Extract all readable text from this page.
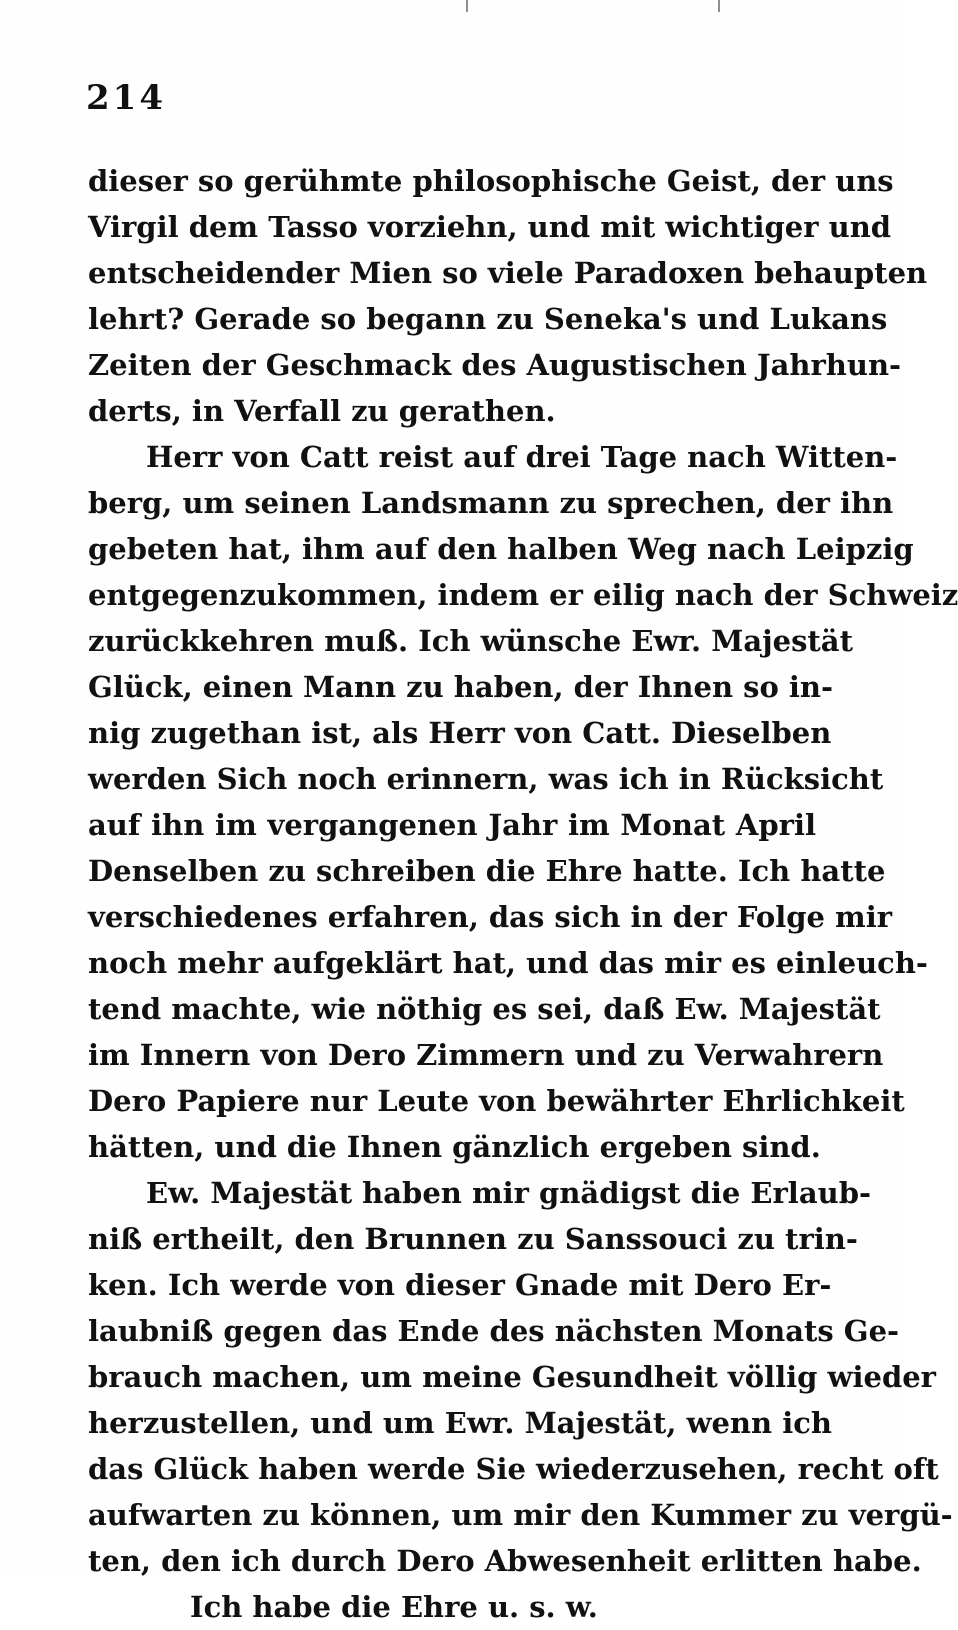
214
dieser so gerühmte philosophische Geist, der uns
Virgil dem Tasso vorziehn, und mit wichtiger und
entscheidender Mien so viele Paradoxen behaupten
lehrt? Gerade so begann zu Seneka's und Lukans
Zeiten der Geschmack des Augustischen Jahrhun-
derts, in Verfall zu gerathen.
Herr von Catt reist auf drei Tage nach Witten-
berg, um seinen Landsmann zu sprechen, der ihn
gebeten hat, ihm auf den halben Weg nach Leipzig
entgegenzukommen, indem er eilig nach der Schweiz
zurückkehren muß. Ich wünsche Ewr. Majestät
Glück, einen Mann zu haben, der Ihnen so in-
nig zugethan ist, als Herr von Catt. Dieselben
werden Sich noch erinnern, was ich in Rücksicht
auf ihn im vergangenen Jahr im Monat April
Denselben zu schreiben die Ehre hatte. Ich hatte
verschiedenes erfahren, das sich in der Folge mir
noch mehr aufgeklärt hat, und das mir es einleuch-
tend machte, wie nöthig es sei, daß Ew. Majestät
im Innern von Dero Zimmern und zu Verwahrern
Dero Papiere nur Leute von bewährter Ehrlichkeit
hätten, und die Ihnen gänzlich ergeben sind.
Ew. Majestät haben mir gnädigst die Erlaub-
niß ertheilt, den Brunnen zu Sanssouci zu trin-
ken. Ich werde von dieser Gnade mit Dero Er-
laubniß gegen das Ende des nächsten Monats Ge-
brauch machen, um meine Gesundheit völlig wieder
herzustellen, und um Ewr. Majestät, wenn ich
das Glück haben werde Sie wiederzusehen, recht oft
aufwarten zu können, um mir den Kummer zu vergü-
ten, den ich durch Dero Abwesenheit erlitten habe.
Ich habe die Ehre u. s. w.
